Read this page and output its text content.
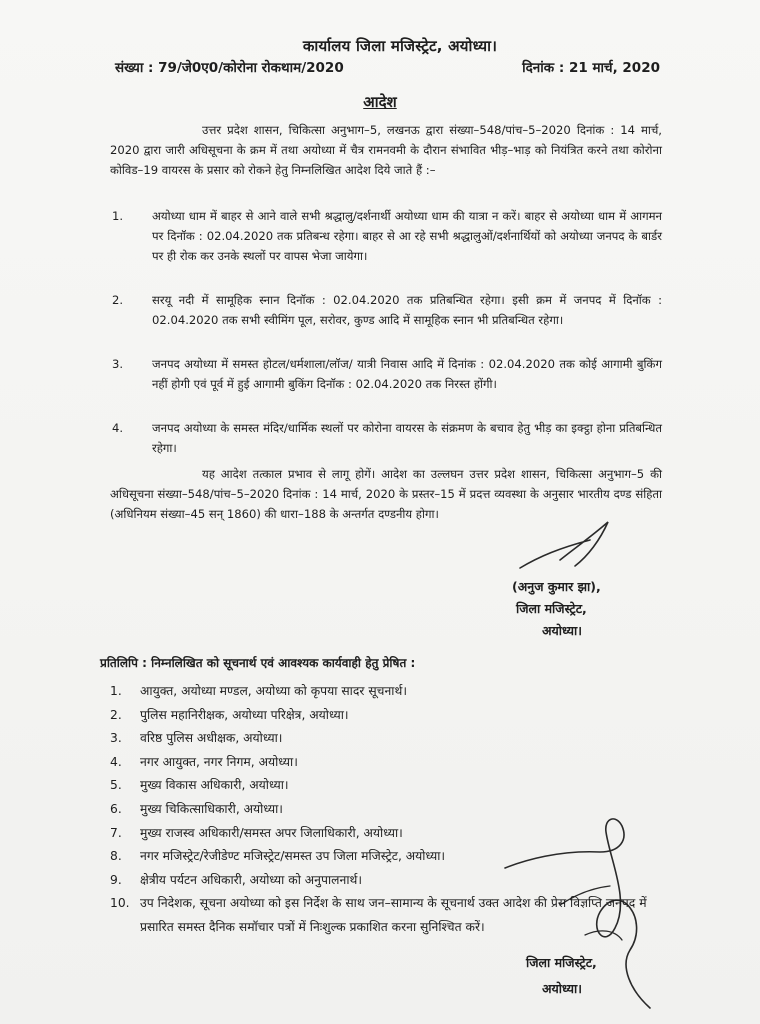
कार्यालय जिला मजिस्ट्रेट, अयोध्या।
संख्या : 79/जे0ए0/कोरोना रोकथाम/2020	दिनांक : 21 मार्च, 2020
आदेश
उत्तर प्रदेश शासन, चिकित्सा अनुभाग–5, लखनऊ द्वारा संख्या–548/पांच–5–2020 दिनांक : 14 मार्च, 2020 द्वारा जारी अधिसूचना के क्रम में तथा अयोध्या में चैत्र रामनवमी के दौरान संभावित भीड़–भाड़ को नियंत्रित करने तथा कोरोना कोविड–19 वायरस के प्रसार को रोकने हेतु निम्नलिखित आदेश दिये जाते हैं :–
1. अयोध्या धाम में बाहर से आने वाले सभी श्रद्धालु/दर्शनार्थी अयोध्या धाम की यात्रा न करें। बाहर से अयोध्या धाम में आगमन पर दिनॉक : 02.04.2020 तक प्रतिबन्ध रहेगा। बाहर से आ रहे सभी श्रद्धालुओं/दर्शनार्थियों को अयोध्या जनपद के बार्डर पर ही रोक कर उनके स्थलों पर वापस भेजा जायेगा।
2. सरयू नदी में सामूहिक स्नान दिनॉक : 02.04.2020 तक प्रतिबन्धित रहेगा। इसी क्रम में जनपद में दिनॉक : 02.04.2020 तक सभी स्वीमिंग पूल, सरोवर, कुण्ड आदि में सामूहिक स्नान भी प्रतिबन्धित रहेगा।
3. जनपद अयोध्या में समस्त होटल/धर्मशाला/लॉज/ यात्री निवास आदि में दिनांक : 02.04.2020 तक कोई आगामी बुकिंग नहीं होगी एवं पूर्व में हुई आगामी बुकिंग दिनॉक : 02.04.2020 तक निरस्त होंगी।
4. जनपद अयोध्या के समस्त मंदिर/धार्मिक स्थलों पर कोरोना वायरस के संक्रमण के बचाव हेतु भीड़ का इक्ट्ठा होना प्रतिबन्धित रहेगा।
यह आदेश तत्काल प्रभाव से लागू होगें। आदेश का उल्लघन उत्तर प्रदेश शासन, चिकित्सा अनुभाग–5 की अधिसूचना संख्या–548/पांच–5–2020 दिनांक : 14 मार्च, 2020 के प्रस्तर–15 में प्रदत्त व्यवस्था के अनुसार भारतीय दण्ड संहिता (अधिनियम संख्या–45 सन् 1860) की धारा–188 के अन्तर्गत दण्डनीय होगा।
(अनुज कुमार झा),
जिला मजिस्ट्रेट,
अयोध्या।
प्रतिलिपि : निम्नलिखित को सूचनार्थ एवं आवश्यक कार्यवाही हेतु प्रेषित :
1. आयुक्त, अयोध्या मण्डल, अयोध्या को कृपया सादर सूचनार्थ।
2. पुलिस महानिरीक्षक, अयोध्या परिक्षेत्र, अयोध्या।
3. वरिष्ठ पुलिस अधीक्षक, अयोध्या।
4. नगर आयुक्त, नगर निगम, अयोध्या।
5. मुख्य विकास अधिकारी, अयोध्या।
6. मुख्य चिकित्साधिकारी, अयोध्या।
7. मुख्य राजस्व अधिकारी/समस्त अपर जिलाधिकारी, अयोध्या।
8. नगर मजिस्ट्रेट/रेजीडेण्ट मजिस्ट्रेट/समस्त उप जिला मजिस्ट्रेट, अयोध्या।
9. क्षेत्रीय पर्यटन अधिकारी, अयोध्या को अनुपालनार्थ।
10. उप निदेशक, सूचना अयोध्या को इस निर्देश के साथ जन–सामान्य के सूचनार्थ उक्त आदेश की प्रेस विज्ञप्ति जनपद में प्रसारित समस्त दैनिक समॉचार पत्रों में निःशुल्क प्रकाशित करना सुनिश्चित करें।
जिला मजिस्ट्रेट,
अयोध्या।
